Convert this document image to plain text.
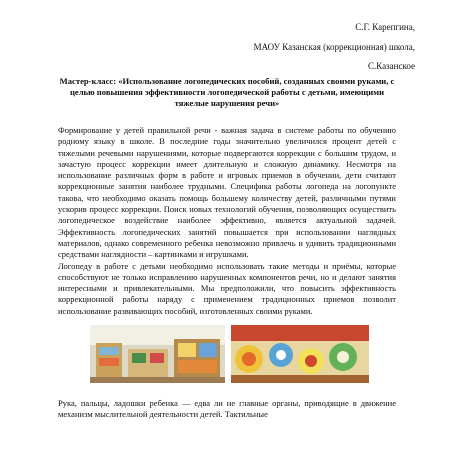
С.Г. Карепгина,
МАОУ Казанская (коррекционная) школа,
С.Казанское
Мастер-класс: «Использование логопедических пособий, созданных своими руками, с целью повышения эффективности логопедической работы с детьми, имеющими тяжелые нарушения речи»
Формирование у детей правильной речи - важная задача в системе работы по обучению родному языку в школе. В последние годы значительно увеличился процент детей с тяжелыми речевыми нарушениями, которые подвергаются коррекции с большим трудом, и зачастую процесс коррекции имеет длительную и сложную динамику. Несмотря на использование различных форм в работе и игровых приемов в обучении, дети считают коррекционные занятия наиболее трудными. Специфика работы логопеда на логопункте такова, что необходимо оказать помощь большему количеству детей, различными путями ускорив процесс коррекции. Поиск новых технологий обучения, позволяющих осуществить логопедическое воздействие наиболее эффективно, является актуальной задачей. Эффективность логопедических занятий повышается при использовании наглядных материалов, однако современного ребенка невозможно привлечь и удивить традиционными средствами наглядности – картинками и игрушками.
Логопеду в работе с детьми необходимо использовать такие методы и приёмы, которые способствуют не только исправлению нарушенных компонентов речи, но и делают занятия интересными и привлекательными. Мы предположили, что повысить эффективность коррекционной работы наряду с применением традиционных приемов позволит использование развивающих пособий, изготовленных своими руками.
Рука, пальцы, ладошки ребенка — едва ли не главные органы, приводящие в движение механизм мыслительной деятельности детей. Тактильные
